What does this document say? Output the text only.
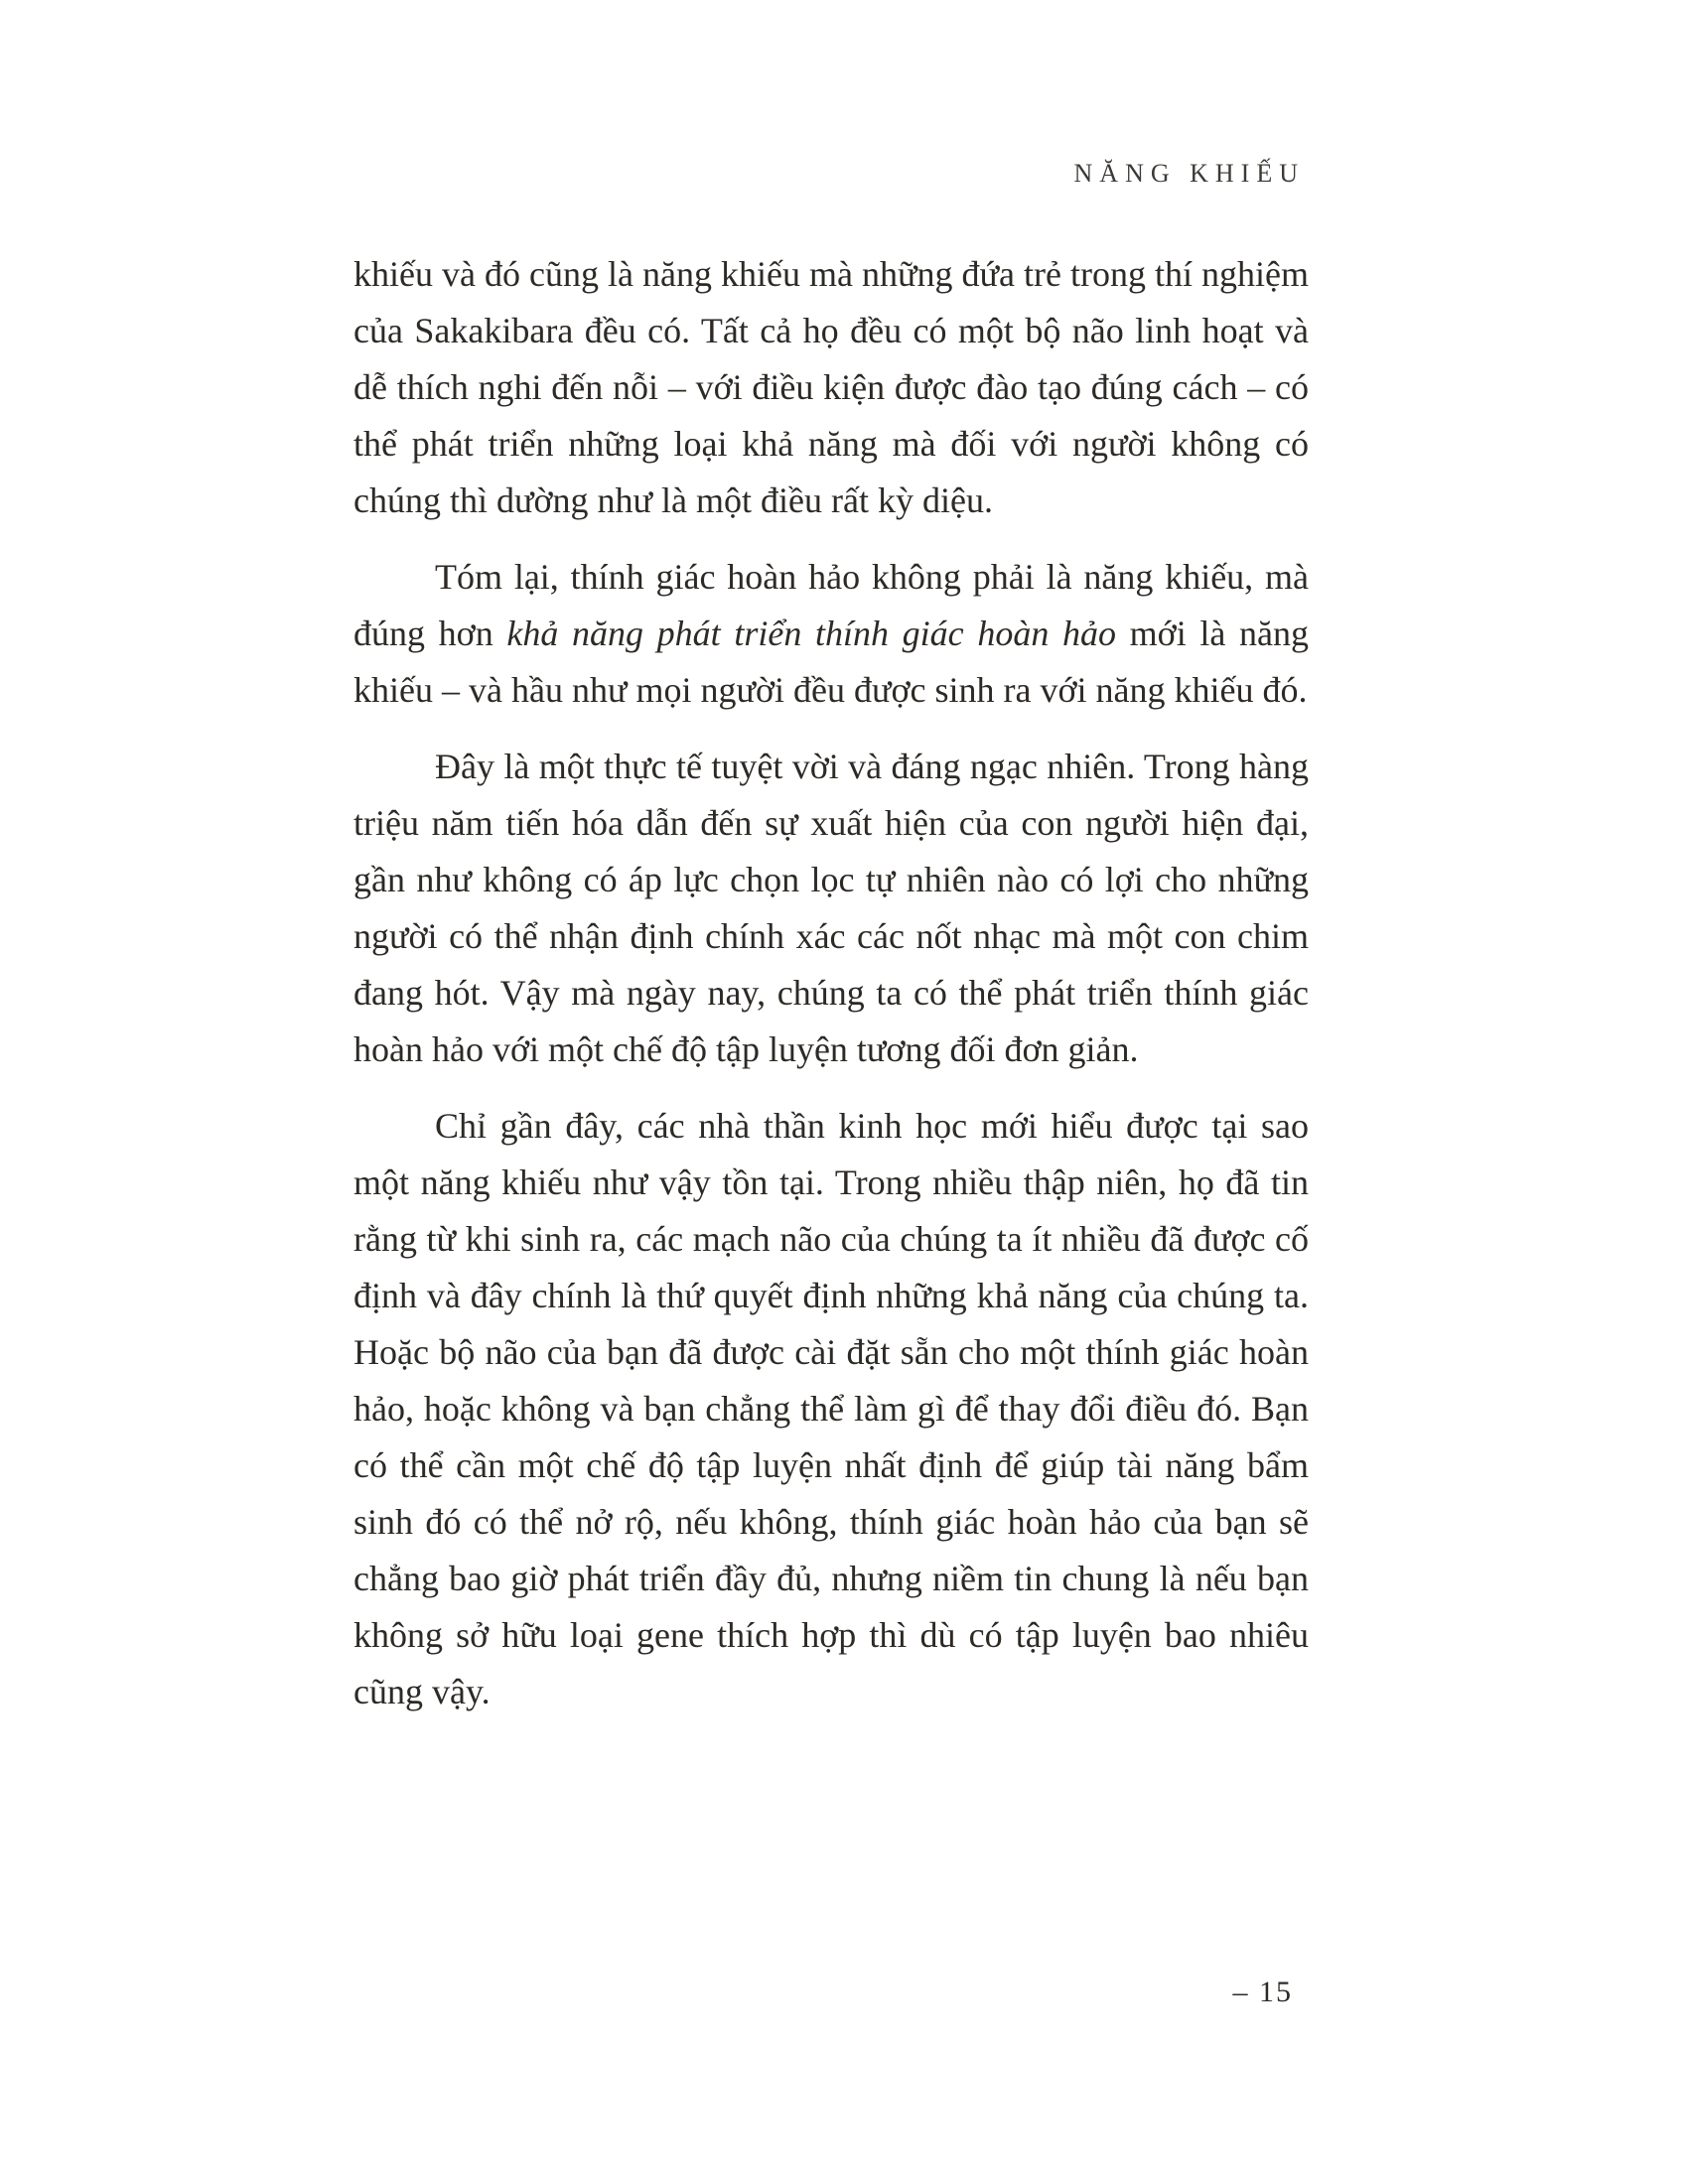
NĂNG KHIẾU

khiếu và đó cũng là năng khiếu mà những đứa trẻ trong thí nghiệm của Sakakibara đều có. Tất cả họ đều có một bộ não linh hoạt và dễ thích nghi đến nỗi – với điều kiện được đào tạo đúng cách – có thể phát triển những loại khả năng mà đối với người không có chúng thì dường như là một điều rất kỳ diệu.

Tóm lại, thính giác hoàn hảo không phải là năng khiếu, mà đúng hơn khả năng phát triển thính giác hoàn hảo mới là năng khiếu – và hầu như mọi người đều được sinh ra với năng khiếu đó.

Đây là một thực tế tuyệt vời và đáng ngạc nhiên. Trong hàng triệu năm tiến hóa dẫn đến sự xuất hiện của con người hiện đại, gần như không có áp lực chọn lọc tự nhiên nào có lợi cho những người có thể nhận định chính xác các nốt nhạc mà một con chim đang hót. Vậy mà ngày nay, chúng ta có thể phát triển thính giác hoàn hảo với một chế độ tập luyện tương đối đơn giản.

Chỉ gần đây, các nhà thần kinh học mới hiểu được tại sao một năng khiếu như vậy tồn tại. Trong nhiều thập niên, họ đã tin rằng từ khi sinh ra, các mạch não của chúng ta ít nhiều đã được cố định và đây chính là thứ quyết định những khả năng của chúng ta. Hoặc bộ não của bạn đã được cài đặt sẵn cho một thính giác hoàn hảo, hoặc không và bạn chẳng thể làm gì để thay đổi điều đó. Bạn có thể cần một chế độ tập luyện nhất định để giúp tài năng bẩm sinh đó có thể nở rộ, nếu không, thính giác hoàn hảo của bạn sẽ chẳng bao giờ phát triển đầy đủ, nhưng niềm tin chung là nếu bạn không sở hữu loại gene thích hợp thì dù có tập luyện bao nhiêu cũng vậy.

– 15
